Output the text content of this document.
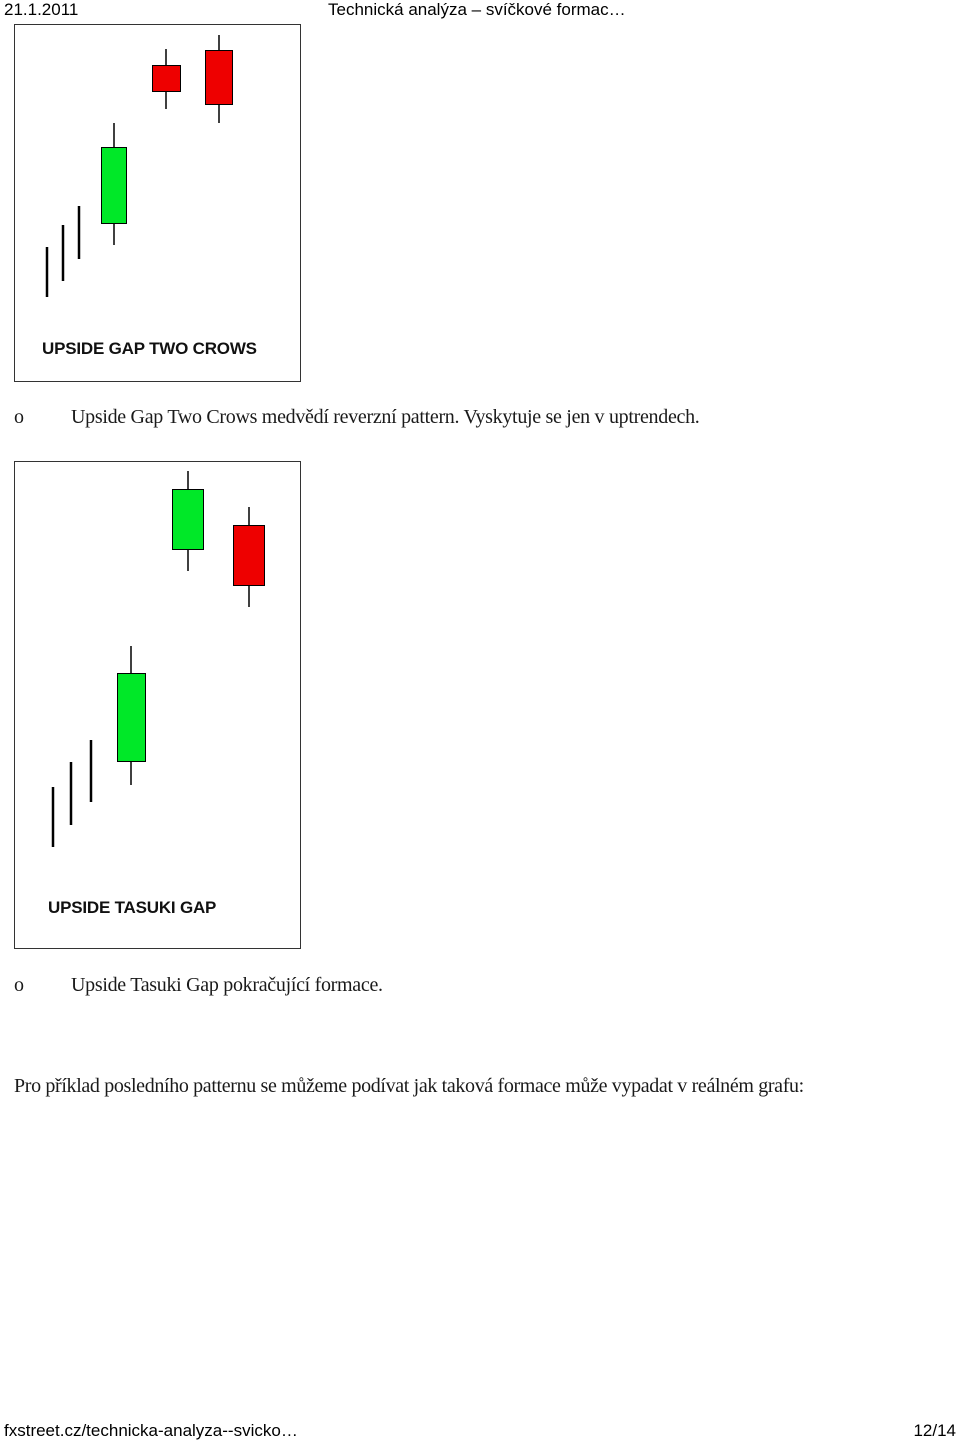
21.1.2011	Technická analýza – svíčkové formac…
UPSIDE GAP TWO CROWS
o Upside Gap Two Crows medvědí reverzní pattern. Vyskytuje se jen v uptrendech.
UPSIDE TASUKI GAP
o Upside Tasuki Gap pokračující formace.
Pro příklad posledního patternu se můžeme podívat jak taková formace může vypadat v reálném grafu:
fxstreet.cz/technicka-analyza--svicko…	12/14
